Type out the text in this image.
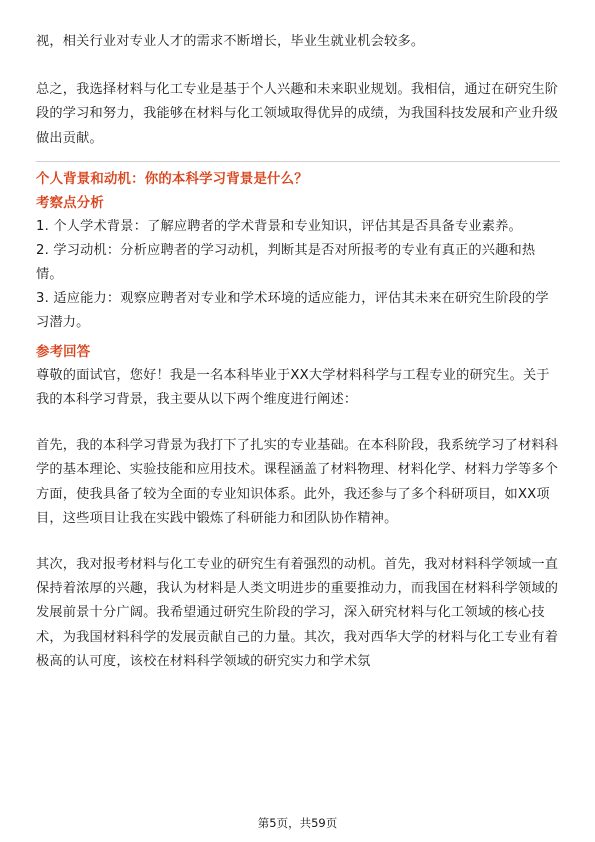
视，相关行业对专业人才的需求不断增长，毕业生就业机会较多。

总之，我选择材料与化工专业是基于个人兴趣和未来职业规划。我相信，通过在研究生阶段的学习和努力，我能够在材料与化工领域取得优异的成绩，为我国科技发展和产业升级做出贡献。

个人背景和动机：你的本科学习背景是什么？

考察点分析

1. 个人学术背景：了解应聘者的学术背景和专业知识，评估其是否具备专业素养。

2. 学习动机：分析应聘者的学习动机，判断其是否对所报考的专业有真正的兴趣和热情。

3. 适应能力：观察应聘者对专业和学术环境的适应能力，评估其未来在研究生阶段的学习潜力。

参考回答

尊敬的面试官，您好！我是一名本科毕业于XX大学材料科学与工程专业的研究生。关于我的本科学习背景，我主要从以下两个维度进行阐述：

首先，我的本科学习背景为我打下了扎实的专业基础。在本科阶段，我系统学习了材料科学的基本理论、实验技能和应用技术。课程涵盖了材料物理、材料化学、材料力学等多个方面，使我具备了较为全面的专业知识体系。此外，我还参与了多个科研项目，如XX项目，这些项目让我在实践中锻炼了科研能力和团队协作精神。

其次，我对报考材料与化工专业的研究生有着强烈的动机。首先，我对材料科学领域一直保持着浓厚的兴趣，我认为材料是人类文明进步的重要推动力，而我国在材料科学领域的发展前景十分广阔。我希望通过研究生阶段的学习，深入研究材料与化工领域的核心技术，为我国材料科学的发展贡献自己的力量。其次，我对西华大学的材料与化工专业有着极高的认可度，该校在材料科学领域的研究实力和学术氛

第5页，共59页
